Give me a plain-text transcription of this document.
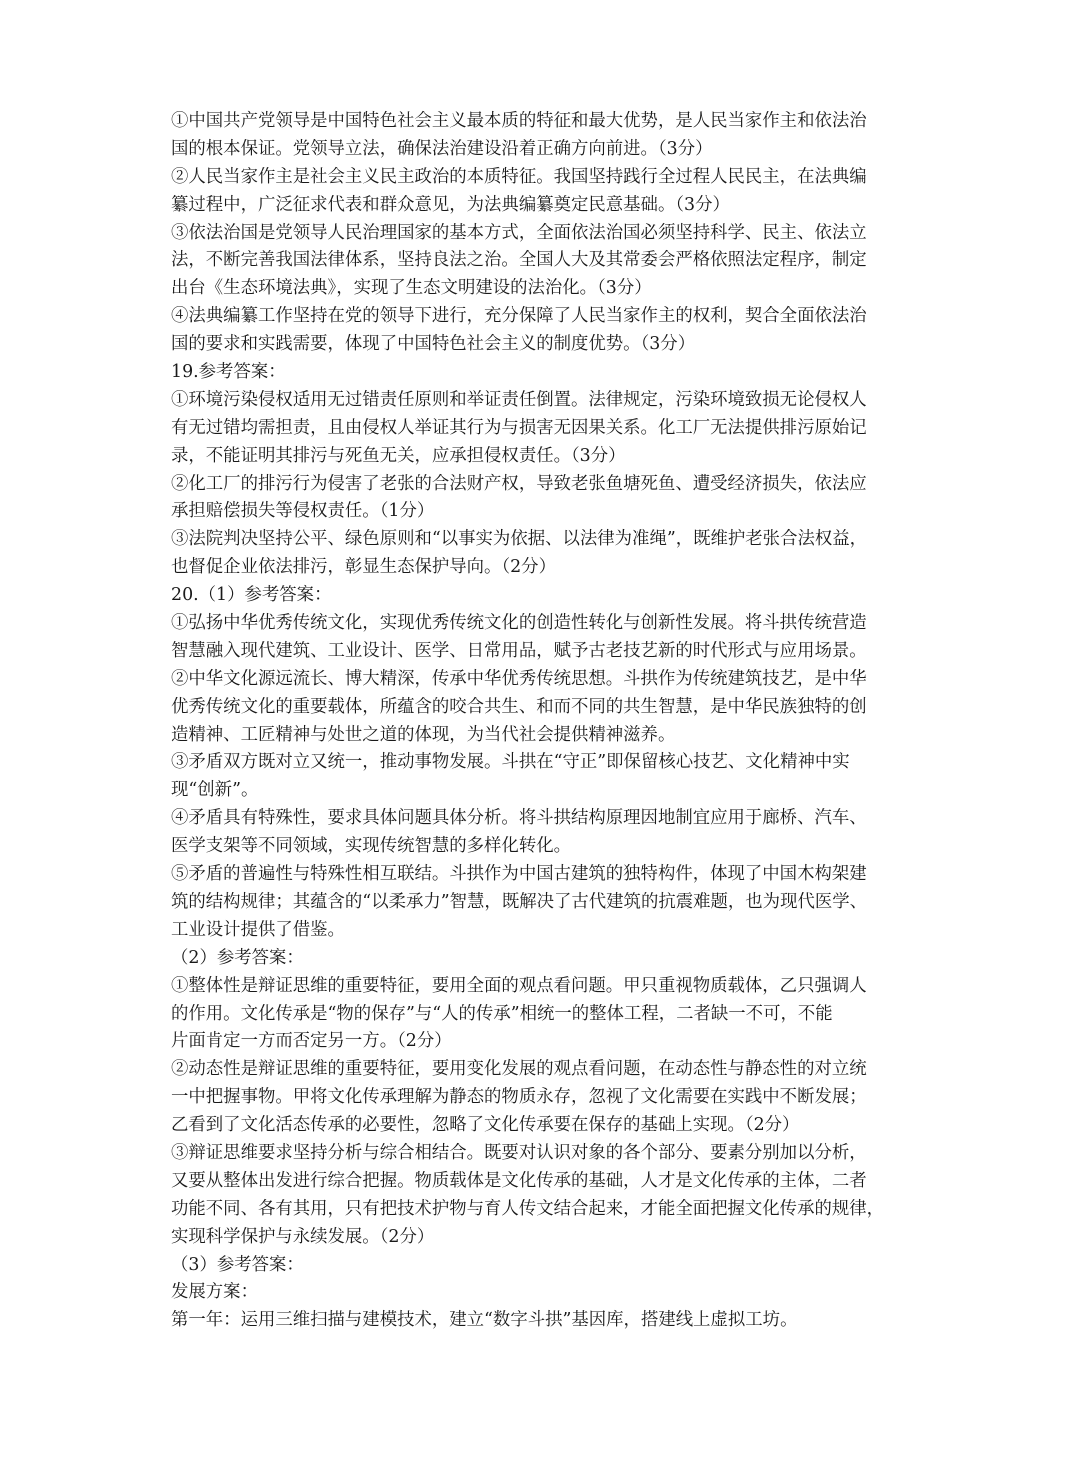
①中国共产党领导是中国特色社会主义最本质的特征和最大优势，是人民当家作主和依法治
国的根本保证。党领导立法，确保法治建设沿着正确方向前进。（3分）
②人民当家作主是社会主义民主政治的本质特征。我国坚持践行全过程人民民主，在法典编
纂过程中，广泛征求代表和群众意见，为法典编纂奠定民意基础。（3分）
③依法治国是党领导人民治理国家的基本方式，全面依法治国必须坚持科学、民主、依法立
法，不断完善我国法律体系，坚持良法之治。全国人大及其常委会严格依照法定程序，制定
出台《生态环境法典》，实现了生态文明建设的法治化。（3分）
④法典编纂工作坚持在党的领导下进行，充分保障了人民当家作主的权利，契合全面依法治
国的要求和实践需要，体现了中国特色社会主义的制度优势。（3分）
19.参考答案：
①环境污染侵权适用无过错责任原则和举证责任倒置。法律规定，污染环境致损无论侵权人
有无过错均需担责，且由侵权人举证其行为与损害无因果关系。化工厂无法提供排污原始记
录，不能证明其排污与死鱼无关，应承担侵权责任。（3分）
②化工厂的排污行为侵害了老张的合法财产权，导致老张鱼塘死鱼、遭受经济损失，依法应
承担赔偿损失等侵权责任。（1分）
③法院判决坚持公平、绿色原则和“以事实为依据、以法律为准绳”，既维护老张合法权益，
也督促企业依法排污，彰显生态保护导向。（2分）
20.（1）参考答案：
①弘扬中华优秀传统文化，实现优秀传统文化的创造性转化与创新性发展。将斗拱传统营造
智慧融入现代建筑、工业设计、医学、日常用品，赋予古老技艺新的时代形式与应用场景。
②中华文化源远流长、博大精深，传承中华优秀传统思想。斗拱作为传统建筑技艺，是中华
优秀传统文化的重要载体，所蕴含的咬合共生、和而不同的共生智慧，是中华民族独特的创
造精神、工匠精神与处世之道的体现，为当代社会提供精神滋养。
③矛盾双方既对立又统一，推动事物发展。斗拱在“守正”即保留核心技艺、文化精神中实
现“创新”。
④矛盾具有特殊性，要求具体问题具体分析。将斗拱结构原理因地制宜应用于廊桥、汽车、
医学支架等不同领域，实现传统智慧的多样化转化。
⑤矛盾的普遍性与特殊性相互联结。斗拱作为中国古建筑的独特构件，体现了中国木构架建
筑的结构规律；其蕴含的“以柔承力”智慧，既解决了古代建筑的抗震难题，也为现代医学、
工业设计提供了借鉴。
（2）参考答案：
①整体性是辩证思维的重要特征，要用全面的观点看问题。甲只重视物质载体，乙只强调人
的作用。文化传承是“物的保存”与“人的传承”相统一的整体工程，二者缺一不可，不能
片面肯定一方而否定另一方。（2分）
②动态性是辩证思维的重要特征，要用变化发展的观点看问题，在动态性与静态性的对立统
一中把握事物。甲将文化传承理解为静态的物质永存，忽视了文化需要在实践中不断发展；
乙看到了文化活态传承的必要性，忽略了文化传承要在保存的基础上实现。（2分）
③辩证思维要求坚持分析与综合相结合。既要对认识对象的各个部分、要素分别加以分析，
又要从整体出发进行综合把握。物质载体是文化传承的基础，人才是文化传承的主体，二者
功能不同、各有其用，只有把技术护物与育人传文结合起来，才能全面把握文化传承的规律，
实现科学保护与永续发展。（2分）
（3）参考答案：
发展方案：
第一年：运用三维扫描与建模技术，建立“数字斗拱”基因库，搭建线上虚拟工坊。
